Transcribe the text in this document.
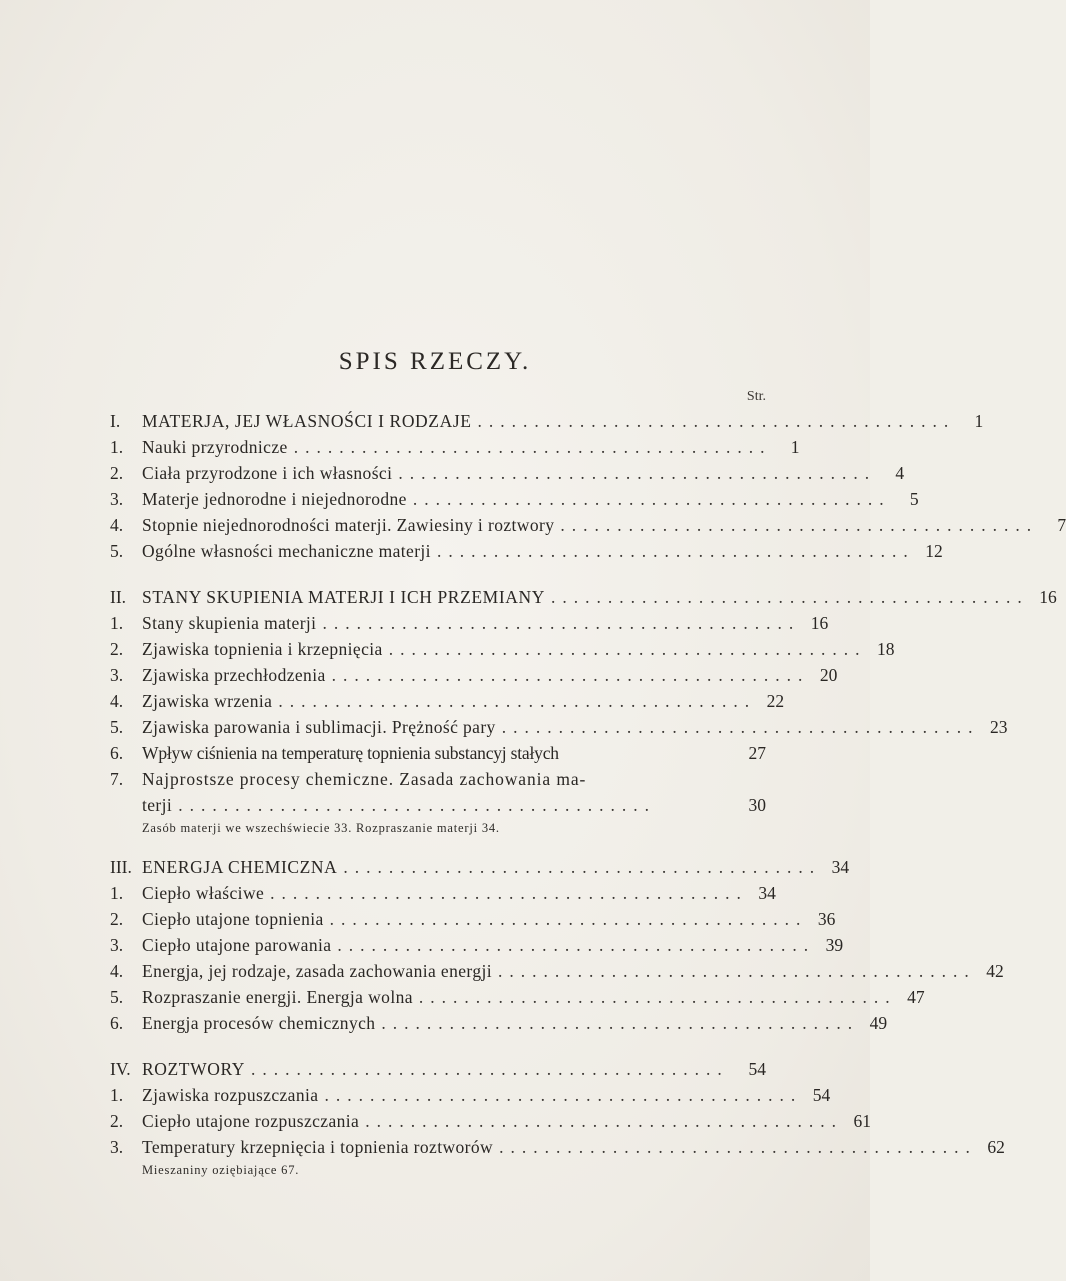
SPIS RZECZY.
Str.
I.	MATERJA, JEJ WŁASNOŚCI I RODZAJE ..........................................	1
1.	Nauki przyrodnicze ..........................................	1
2.	Ciała przyrodzone i ich własności ..........................................	4
3.	Materje jednorodne i niejednorodne ..........................................	5
4.	Stopnie niejednorodności materji. Zawiesiny i roztwory ..........................................	7
5.	Ogólne własności mechaniczne materji .......................................... 12
II. STANY SKUPIENIA MATERJI I ICH PRZEMIANY .......................................... 16
1.	Stany skupienia materji .......................................... 16
2.	Zjawiska topnienia i krzepnięcia .......................................... 18
3.	Zjawiska przechłodzenia .......................................... 20
4.	Zjawiska wrzenia .......................................... 22
5.	Zjawiska parowania i sublimacji. Prężność pary .......................................... 23
6.	Wpływ ciśnienia na temperaturę topnienia substancyj stałych	27
7.	Najprostsze procesy chemiczne. Zasada zachowania ma-
terji ..........................................	30
Zasób materji we wszechświecie 33. Rozpraszanie materji 34.
III. ENERGJA CHEMICZNA .......................................... 34
1.	Ciepło właściwe .......................................... 34
2.	Ciepło utajone topnienia .......................................... 36
3.	Ciepło utajone parowania .......................................... 39
4.	Energja, jej rodzaje, zasada zachowania energji .......................................... 42
5.	Rozpraszanie energji. Energja wolna .......................................... 47
6.	Energja procesów chemicznych .......................................... 49
IV. ROZTWORY ..........................................	54
1.	Zjawiska rozpuszczania .......................................... 54
2.	Ciepło utajone rozpuszczania .......................................... 61
3.	Temperatury krzepnięcia i topnienia roztworów .......................................... 62
Mieszaniny oziębiające 67.
